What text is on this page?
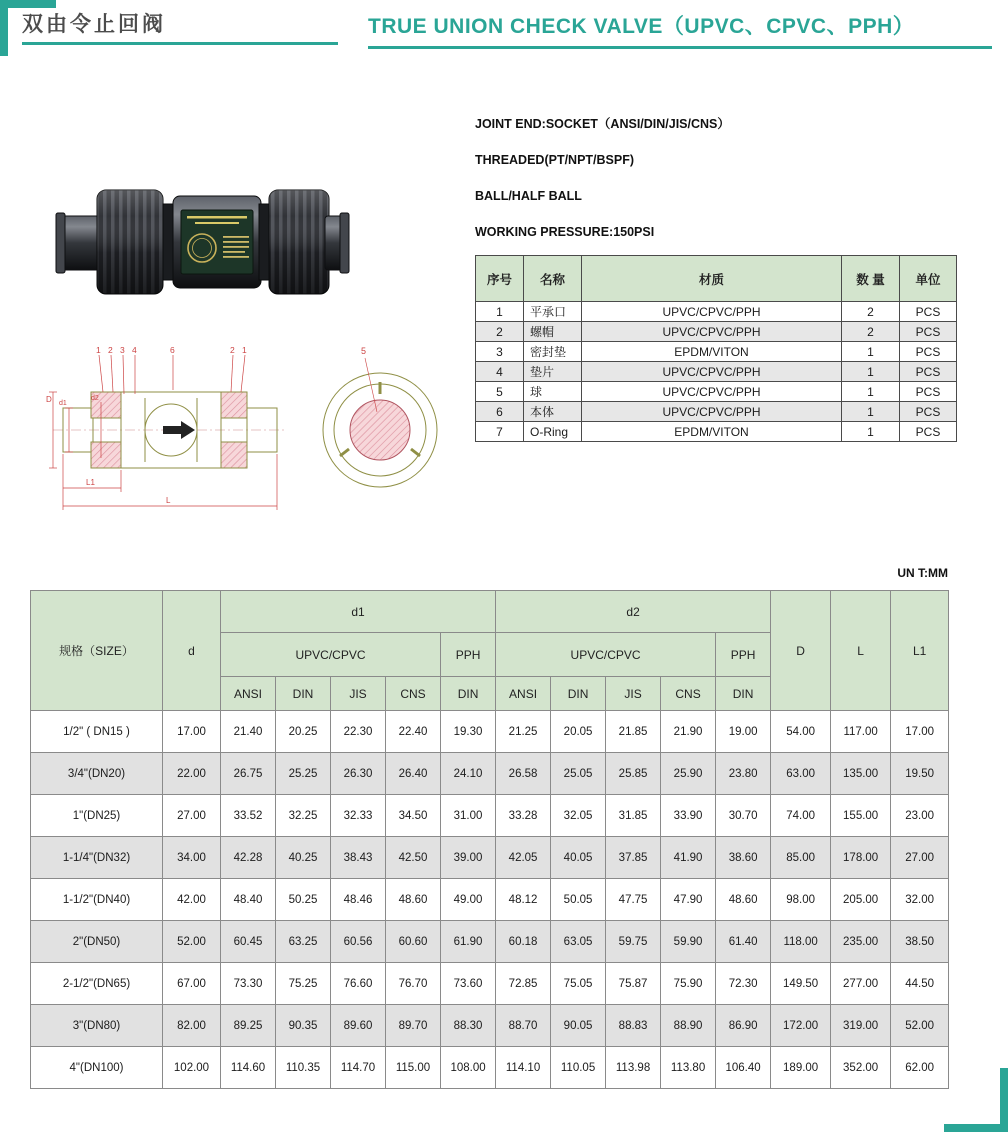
双由令止回阀	TRUE UNION CHECK VALVE（UPVC、CPVC、PPH）
JOINT END:SOCKET（ANSI/DIN/JIS/CNS）
THREADED(PT/NPT/BSPF)
BALL/HALF BALL
WORKING PRESSURE:150PSI
序号	名称	材质	数 量	单位
1	平承口	UPVC/CPVC/PPH	2	PCS
2	螺帽	UPVC/CPVC/PPH	2	PCS
3	密封垫	EPDM/VITON	1	PCS
4	垫片	UPVC/CPVC/PPH	1	PCS
5	球	UPVC/CPVC/PPH	1	PCS
6	本体	UPVC/CPVC/PPH	1	PCS
7	O-Ring	EPDM/VITON	1	PCS
D d1
d2
L1
L
1 2 3 4	6	2 1	5
UN T:MM
规格（SIZE）	d	d1					d2					D	L	L1
		UPVC/CPVC				PPH	UPVC/CPVC				PPH			
		ANSI	DIN	JIS	CNS	DIN	ANSI	DIN	JIS	CNS	DIN			
1/2" ( DN15 )	17.00	21.40	20.25	22.30	22.40	19.30	21.25	20.05	21.85	21.90	19.00	54.00	117.00	17.00
3/4"(DN20)	22.00	26.75	25.25	26.30	26.40	24.10	26.58	25.05	25.85	25.90	23.80	63.00	135.00	19.50
1"(DN25)	27.00	33.52	32.25	32.33	34.50	31.00	33.28	32.05	31.85	33.90	30.70	74.00	155.00	23.00
1-1/4"(DN32)	34.00	42.28	40.25	38.43	42.50	39.00	42.05	40.05	37.85	41.90	38.60	85.00	178.00	27.00
1-1/2"(DN40)	42.00	48.40	50.25	48.46	48.60	49.00	48.12	50.05	47.75	47.90	48.60	98.00	205.00	32.00
2"(DN50)	52.00	60.45	63.25	60.56	60.60	61.90	60.18	63.05	59.75	59.90	61.40	118.00	235.00	38.50
2-1/2"(DN65)	67.00	73.30	75.25	76.60	76.70	73.60	72.85	75.05	75.87	75.90	72.30	149.50	277.00	44.50
3"(DN80)	82.00	89.25	90.35	89.60	89.70	88.30	88.70	90.05	88.83	88.90	86.90	172.00	319.00	52.00
4"(DN100)	102.00	114.60	110.35	114.70	115.00	108.00	114.10	110.05	113.98	113.80	106.40	189.00	352.00	62.00
